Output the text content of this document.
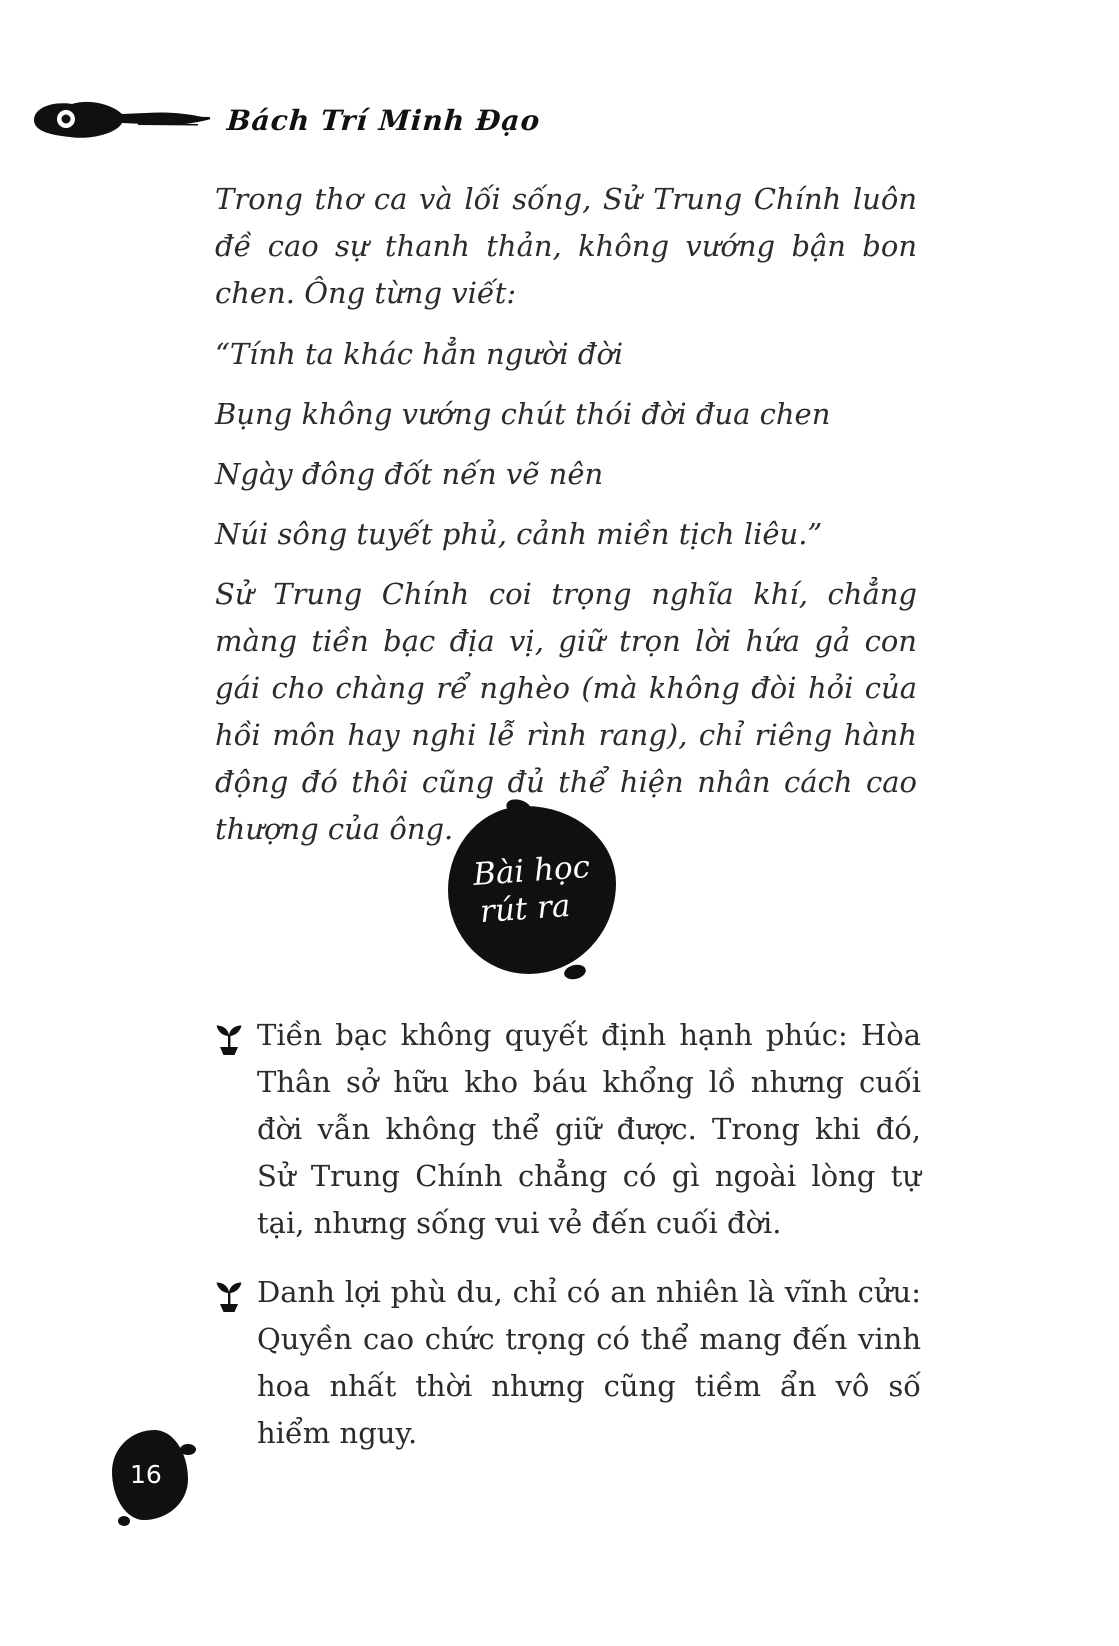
Bách Trí Minh Đạo

Trong thơ ca và lối sống, Sử Trung Chính luôn đề cao sự thanh thản, không vướng bận bon chen. Ông từng viết:

“Tính ta khác hẳn người đời

Bụng không vướng chút thói đời đua chen

Ngày đông đốt nến vẽ nên

Núi sông tuyết phủ, cảnh miền tịch liêu.”

Sử Trung Chính coi trọng nghĩa khí, chẳng màng tiền bạc địa vị, giữ trọn lời hứa gả con gái cho chàng rể nghèo (mà không đòi hỏi của hồi môn hay nghi lễ rình rang), chỉ riêng hành động đó thôi cũng đủ thể hiện nhân cách cao thượng của ông.

Bài học
rút ra

Tiền bạc không quyết định hạnh phúc: Hòa Thân sở hữu kho báu khổng lồ nhưng cuối đời vẫn không thể giữ được. Trong khi đó, Sử Trung Chính chẳng có gì ngoài lòng tự tại, nhưng sống vui vẻ đến cuối đời.

Danh lợi phù du, chỉ có an nhiên là vĩnh cửu: Quyền cao chức trọng có thể mang đến vinh hoa nhất thời nhưng cũng tiềm ẩn vô số hiểm nguy.

16
